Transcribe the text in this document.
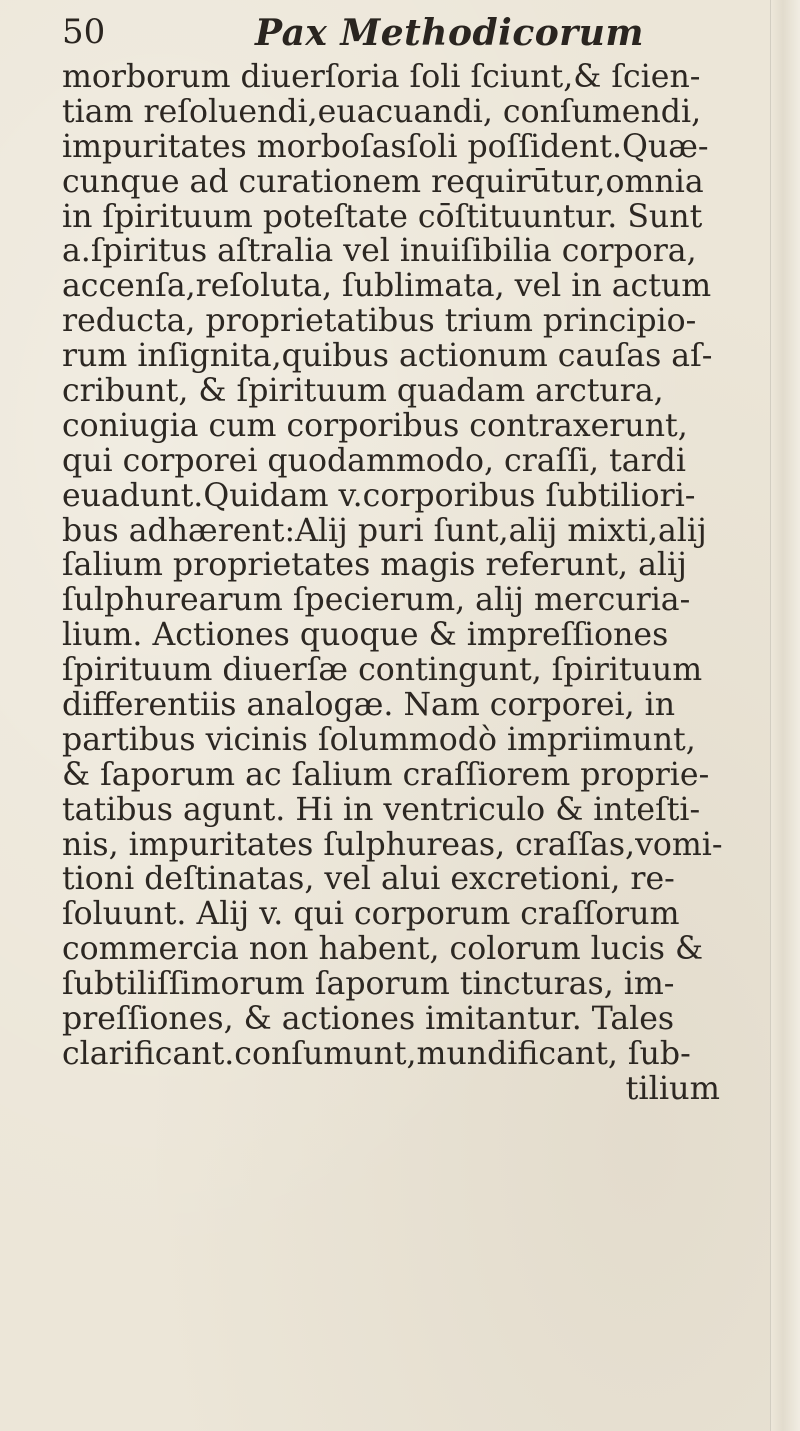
50	Pax Methodicorum
morborum diuerſoria ſoli ſciunt,& ſcien-
tiam reſoluendi,euacuandi, conſumendi,
impuritates morboſasſoli poſſident.Quæ-
cunque ad curationem requirūtur,omnia
in ſpirituum poteſtate cōſtituuntur. Sunt
a.ſpiritus aſtralia vel inuiſibilia corpora,
accenſa,reſoluta, ſublimata, vel in actum
reducta, proprietatibus trium principio-
rum inſignita,quibus actionum cauſas aſ-
cribunt, & ſpirituum quadam arctura,
coniugia cum corporibus contraxerunt,
qui corporei quodammodo, craſſi, tardi
euadunt.Quidam v.corporibus ſubtiliori-
bus adhærent:Alij puri ſunt,alij mixti,alij
ſalium proprietates magis referunt, alij
ſulphurearum ſpecierum, alij mercuria-
lium. Actiones quoque & impreſſiones
ſpirituum diuerſæ contingunt, ſpirituum
differentiis analogæ. Nam corporei, in
partibus vicinis ſolummodò impriimunt,
& ſaporum ac ſalium craſſiorem proprie-
tatibus agunt. Hi in ventriculo & inteſti-
nis, impuritates ſulphureas, craſſas,vomi-
tioni deſtinatas, vel alui excretioni, re-
ſoluunt. Alij v. qui corporum craſſorum
commercia non habent, colorum lucis &
ſubtiliſſimorum ſaporum tincturas, im-
preſſiones, & actiones imitantur. Tales
clarificant.conſumunt,mundificant, ſub-
tilium
